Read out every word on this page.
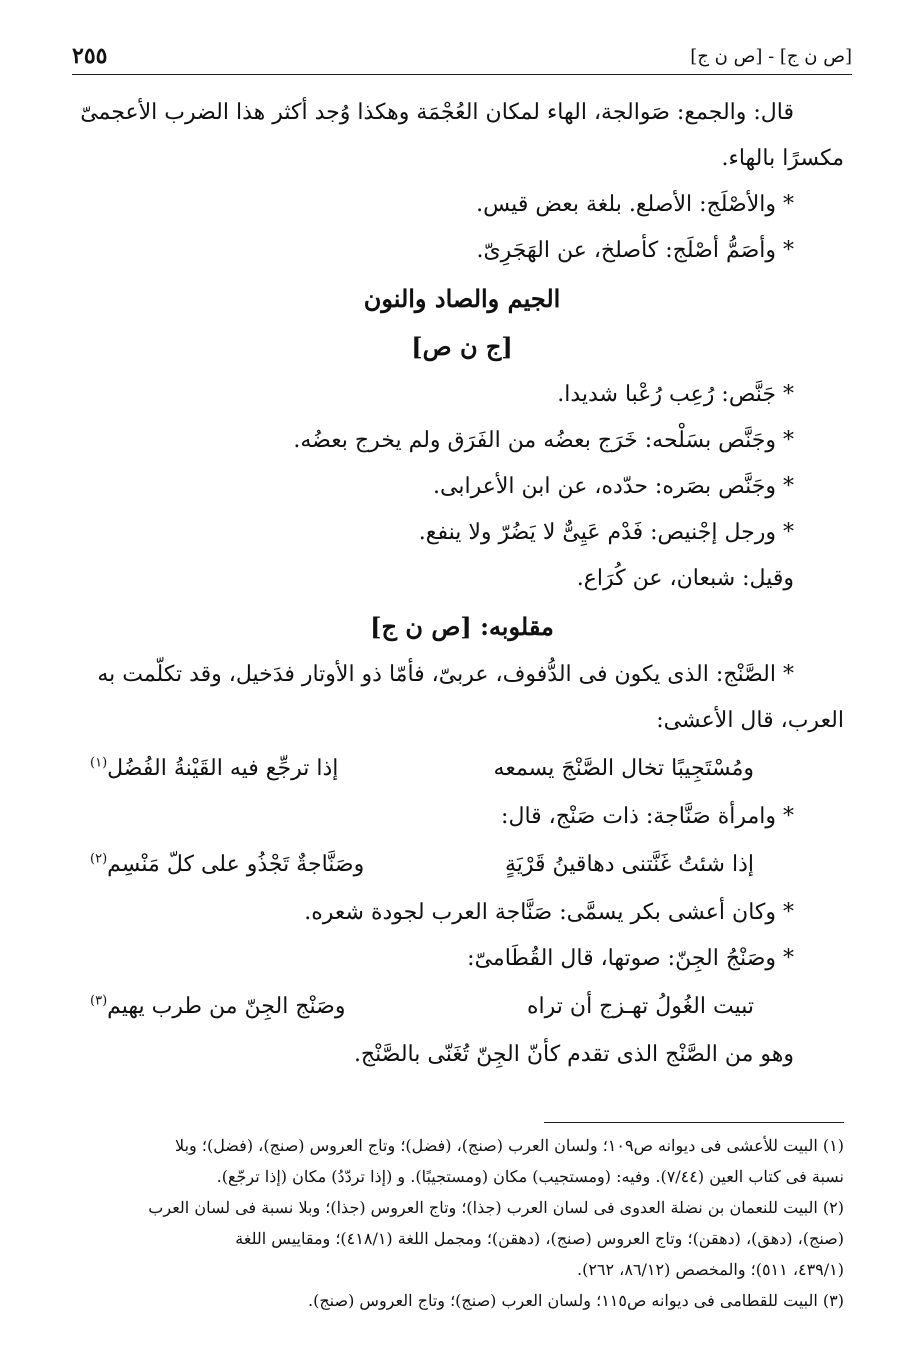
[ص ن ج] - [ص ن ج]
٢٥٥
قال: والجمع: صَوالجة، الهاء لمكان العُجْمَة وهكذا وُجد أكثر هذا الضرب الأعجمىّ
مكسرًا بالهاء.
* والأصْلَج: الأصلع. بلغة بعض قيس.
* وأصَمُّ أصْلَج: كأصلخ، عن الهَجَرِىّ.
الجيم والصاد والنون
[ج ن ص]
* جَنَّص: رُعِب رُعْبا شديدا.
* وجَنَّص بسَلْحه: خَرَج بعضُه من الفَرَق ولم يخرج بعضُه.
* وجَنَّص بصَره: حدّده، عن ابن الأعرابى.
* ورجل إجْنيص: فَدْم عَيِىٌّ لا يَضُرّ ولا ينفع.
وقيل: شبعان، عن كُرَاع.
مقلوبه: [ص ن ج]
* الصَّنْج: الذى يكون فى الدُّفوف، عربىّ، فأمّا ذو الأوتار فدَخيل، وقد تكلّمت به
العرب، قال الأعشى:
ومُسْتَجِيبًا تخال الصَّنْجَ يسمعه
إذا ترجِّع فيه القَيْنةُ الفُضُل$^{(١)}$
* وامرأة صَنَّاجة: ذات صَنْج، قال:
إذا شئتُ غَنَّتنى دهاقينُ قَرْيَةٍ
وصَنَّاجةٌ تَجْذُو على كلّ مَنْسِم$^{(٢)}$
* وكان أعشى بكر يسمَّى: صَنَّاجة العرب لجودة شعره.
* وصَنْجُ الجِنّ: صوتها، قال القُطَامىّ:
تبيت الغُولُ تهـزج أن تراه
وصَنْج الجِنّ من طرب يهيم$^{(٣)}$
وهو من الصَّنْج الذى تقدم كأنّ الجِنّ تُغَنّى بالصَّنْج.
(١) البيت للأعشى فى ديوانه ص١٠٩؛ ولسان العرب (صنج)، (فضل)؛ وتاج العروس (صنج)، (فضل)؛ وبلا
نسبة فى كتاب العين (٧/٤٤). وفيه: (ومستجيب) مكان (ومستجيبًا). و (إذا تردّدُ) مكان (إذا ترجّع).
(٢) البيت للنعمان بن نضلة العدوى فى لسان العرب (جذا)؛ وتاج العروس (جذا)؛ وبلا نسبة فى لسان العرب
(صنج)، (دهق)، (دهقن)؛ وتاج العروس (صنج)، (دهقن)؛ ومجمل اللغة (٤١٨/١)؛ ومقاييس اللغة
(٤٣٩/١، ٥١١)؛ والمخصص (٨٦/١٢، ٢٦٢).
(٣) البيت للقطامى فى ديوانه ص١١٥؛ ولسان العرب (صنج)؛ وتاج العروس (صنج).
